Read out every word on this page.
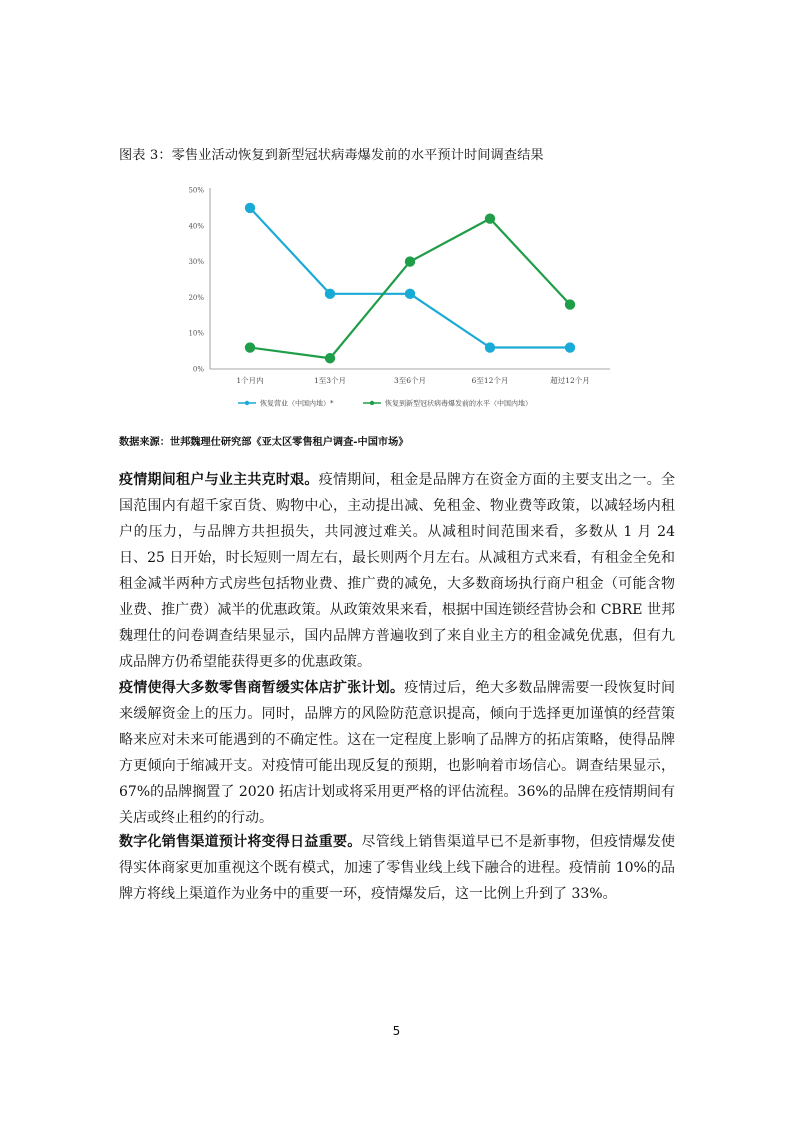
图表 3：零售业活动恢复到新型冠状病毒爆发前的水平预计时间调查结果
0%
10%
20%
30%
40%
50%
1个月内	1至3个月	3至6个月	6至12个月	超过12个月
恢复营业（中国内地）*	恢复到新型冠状病毒爆发前的水平（中国内地）
数据来源：世邦魏理仕研究部《亚太区零售租户调查-中国市场》
疫情期间租户与业主共克时艰。疫情期间，租金是品牌方在资金方面的主要支出之一。全国范围内有超千家百货、购物中心，主动提出减、免租金、物业费等政策，以减轻场内租户的压力，与品牌方共担损失，共同渡过难关。从减租时间范围来看，多数从 1 月 24 日、25 日开始，时长短则一周左右，最长则两个月左右。从减租方式来看，有租金全免和租金减半两种方式房些包括物业费、推广费的减免，大多数商场执行商户租金（可能含物业费、推广费）减半的优惠政策。从政策效果来看，根据中国连锁经营协会和 CBRE 世邦魏理仕的问卷调查结果显示，国内品牌方普遍收到了来自业主方的租金减免优惠，但有九成品牌方仍希望能获得更多的优惠政策。
疫情使得大多数零售商暂缓实体店扩张计划。疫情过后，绝大多数品牌需要一段恢复时间来缓解资金上的压力。同时，品牌方的风险防范意识提高，倾向于选择更加谨慎的经营策略来应对未来可能遇到的不确定性。这在一定程度上影响了品牌方的拓店策略，使得品牌方更倾向于缩减开支。对疫情可能出现反复的预期，也影响着市场信心。调查结果显示，67%的品牌搁置了 2020 拓店计划或将采用更严格的评估流程。36%的品牌在疫情期间有关店或终止租约的行动。
数字化销售渠道预计将变得日益重要。尽管线上销售渠道早已不是新事物，但疫情爆发使得实体商家更加重视这个既有模式，加速了零售业线上线下融合的进程。疫情前 10%的品牌方将线上渠道作为业务中的重要一环，疫情爆发后，这一比例上升到了 33%。
5
